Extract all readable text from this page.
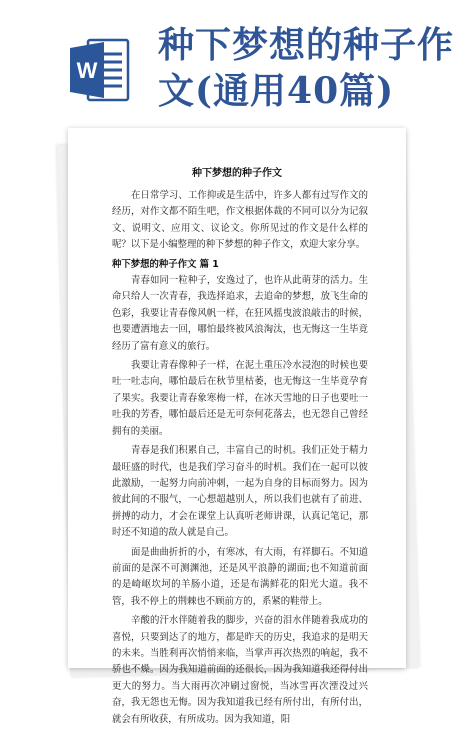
W
种下梦想的种子作
文(通用40篇)
种下梦想的种子作文

在日常学习、工作抑或是生活中，许多人都有过写作文的经历，对作文都不陌生吧，作文根据体裁的不同可以分为记叙文、说明文、应用文、议论文。你所见过的作文是什么样的呢？以下是小编整理的种下梦想的种子作文，欢迎大家分享。

种下梦想的种子作文 篇 1

青春如同一粒种子，安逸过了，也许从此萌芽的活力。生命只给人一次青春，我选择追求，去追命的梦想，放飞生命的色彩，我要让青春像风帆一样，在狂风摇曳波浪敲击的时候，也要遭洒地去一回，哪怕最终被风浪淘汰，也无悔这一生毕竟经历了富有意义的旅行。

我要让青春像种子一样，在泥土重压冷水浸泡的时候也要吐一吐志向，哪怕最后在秋节里枯萎，也无悔这一生毕竟孕育了果实。我要让青春象寒梅一样，在冰天雪地的日子也要吐一吐我的芳香，哪怕最后还是无可奈何花落去，也无怨自己曾经拥有的美丽。

青春是我们积累自己，丰富自己的时机。我们正处于精力最旺盛的时代，也是我们学习奋斗的时机。我们在一起可以彼此激励，一起努力向前冲刺，一起为自身的目标而努力。因为彼此间的不服气，一心想超越别人，所以我们也就有了前进、拼搏的动力，才会在课堂上认真听老师讲课，认真记笔记，那时还不知道的敌人就是自己。

面是曲曲折折的小，有寒冰，有大雨，有祥脚石。不知道前面的是深不可测渊池，还是风平浪静的湖面;也不知道前面的是崎岖坎坷的羊肠小道，还是布满鲜花的阳光大道。我不管，我不停上的荆棘也不顾前方的，系紧的鞋带上。

辛酸的汗水伴随着我的脚步，兴奋的泪水伴随着我成功的喜悦，只要到达了的地方，都是昨天的历史，我追求的是明天的未来。当胜利再次悄悄来临，当掌声再次热烈的响起，我不骄也不燥。因为我知道前面的还很长，因为我知道我还得付出更大的努力。当大雨再次冲刷过窗悦，当冰雪再次湮没过兴奋，我无怨也无悔。因为我知道我已经有所付出，有所付出，就会有所收获，有所成功。因为我知道，阳
